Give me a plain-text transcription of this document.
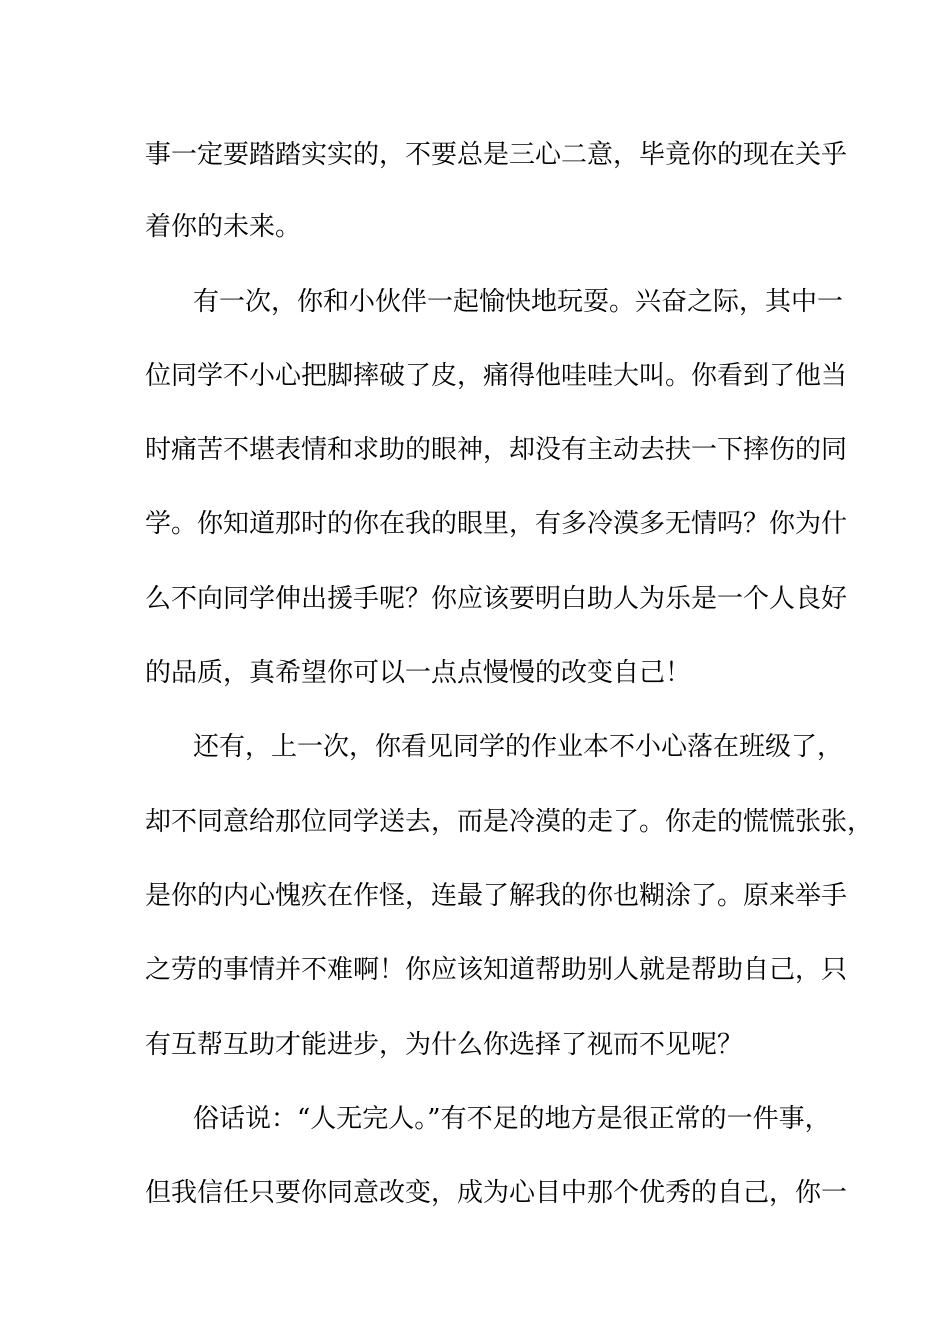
事一定要踏踏实实的，不要总是三心二意，毕竟你的现在关乎

着你的未来。

有一次，你和小伙伴一起愉快地玩耍。兴奋之际，其中一

位同学不小心把脚摔破了皮，痛得他哇哇大叫。你看到了他当

时痛苦不堪表情和求助的眼神，却没有主动去扶一下摔伤的同

学。你知道那时的你在我的眼里，有多冷漠多无情吗？你为什

么不向同学伸出援手呢？你应该要明白助人为乐是一个人良好

的品质，真希望你可以一点点慢慢的改变自己！

还有，上一次，你看见同学的作业本不小心落在班级了，

却不同意给那位同学送去，而是冷漠的走了。你走的慌慌张张，

是你的内心愧疚在作怪，连最了解我的你也糊涂了。原来举手

之劳的事情并不难啊！你应该知道帮助别人就是帮助自己，只

有互帮互助才能进步，为什么你选择了视而不见呢？

俗话说：“人无完人。”有不足的地方是很正常的一件事，

但我信任只要你同意改变，成为心目中那个优秀的自己，你一
